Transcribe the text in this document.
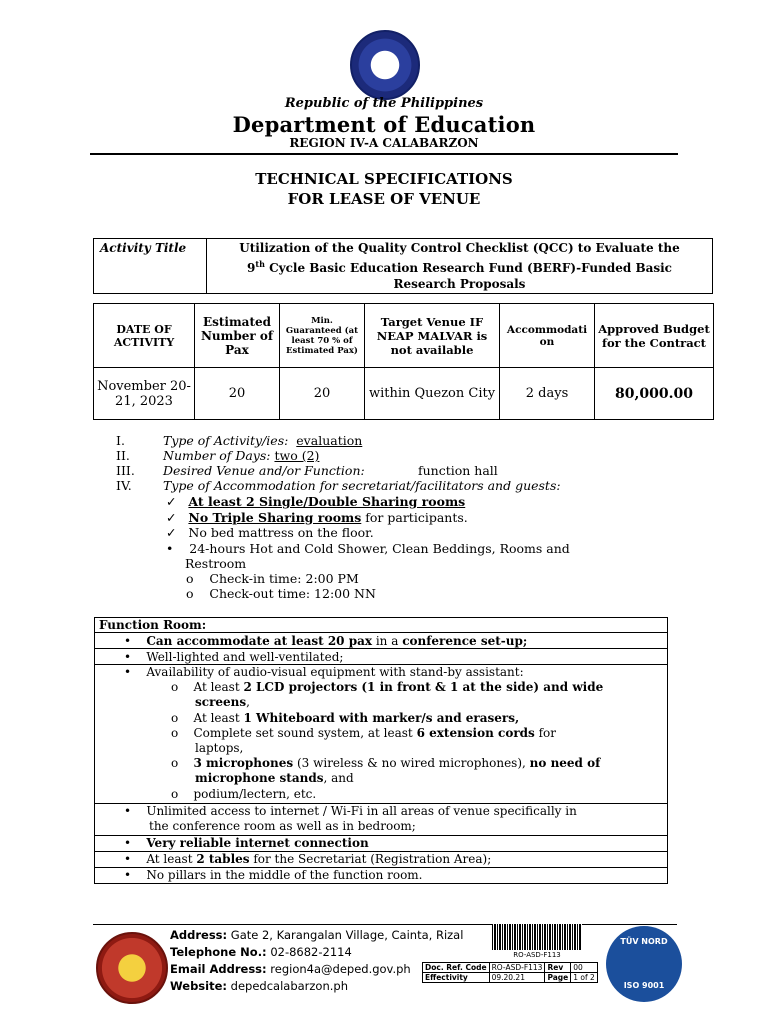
Republic of the Philippines
Department of Education
REGION IV-A CALABARZON
TECHNICAL SPECIFICATIONS
FOR LEASE OF VENUE
Activity Title	Utilization of the Quality Control Checklist (QCC) to Evaluate the
9th Cycle Basic Education Research Fund (BERF)-Funded Basic
Research Proposals
DATE OF ACTIVITY	Estimated Number of Pax	Min. Guaranteed (at least 70 % of Estimated Pax)	Target Venue IF NEAP MALVAR is not available	Accommodati on	Approved Budget for the Contract
November 20-21, 2023	20	20	within Quezon City	2 days	80,000.00
I.	Type of Activity/ies: evaluation
II.	Number of Days: two (2)
III. Desired Venue and/or Function:	function hall
IV. Type of Accommodation for secretariat/facilitators and guests:
✓   At least 2 Single/Double Sharing rooms
✓   No Triple Sharing rooms for participants.
✓   No bed mattress on the floor.
•    24-hours Hot and Cold Shower, Clean Beddings, Rooms and
Restroom
o    Check-in time: 2:00 PM
o    Check-out time: 12:00 NN
Function Room:
• Can accommodate at least 20 pax in a conference set-up;
• Well-lighted and well-ventilated;

• Availability of audio-visual equipment with stand-by assistant:
o    At least 2 LCD projectors (1 in front & 1 at the side) and wide
screens,
o    At least 1 Whiteboard with marker/s and erasers,
o    Complete set sound system, at least 6 extension cords for
laptops,
o    3 microphones (3 wireless & no wired microphones), no need of
microphone stands, and
o    podium/lectern, etc.

• Unlimited access to internet / Wi-Fi in all areas of venue specifically in
the conference room as well as in bedroom;

• Very reliable internet connection
• At least 2 tables for the Secretariat (Registration Area);
• No pillars in the middle of the function room.
Address: Gate 2, Karangalan Village, Cainta, Rizal
Telephone No.: 02-8682-2114
Email Address: region4a@deped.gov.ph
Website: depedcalabarzon.ph
RO-ASD-F113
Doc. Ref. Code	RO-ASD-F113	Rev	00
Effectivity	09.20.21	Page	1 of 2
TÜV NORD
ISO 9001
